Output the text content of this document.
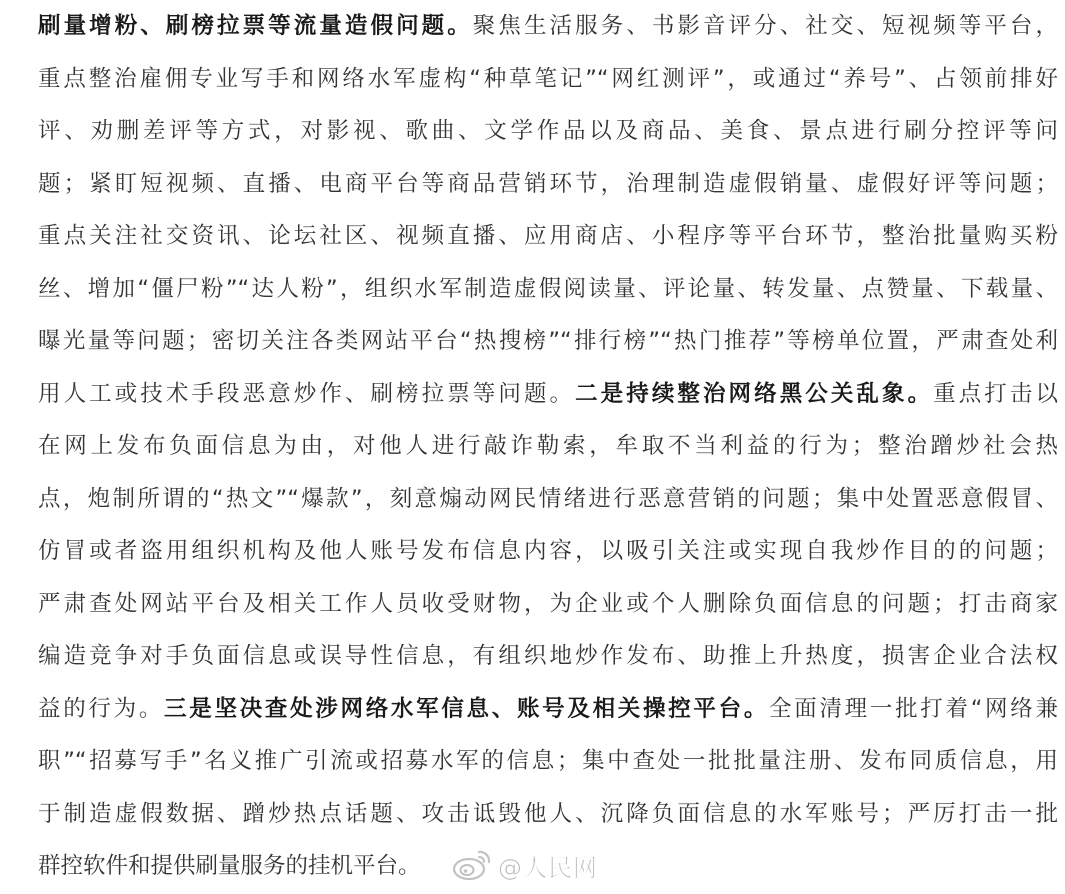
刷量增粉、刷榜拉票等流量造假问题。聚焦生活服务、书影音评分、社交、短视频等平台，
重点整治雇佣专业写手和网络水军虚构“种草笔记”“网红测评”，或通过“养号”、占领前排好
评、劝删差评等方式，对影视、歌曲、文学作品以及商品、美食、景点进行刷分控评等问
题；紧盯短视频、直播、电商平台等商品营销环节，治理制造虚假销量、虚假好评等问题；
重点关注社交资讯、论坛社区、视频直播、应用商店、小程序等平台环节，整治批量购买粉
丝、增加“僵尸粉”“达人粉”，组织水军制造虚假阅读量、评论量、转发量、点赞量、下载量、
曝光量等问题；密切关注各类网站平台“热搜榜”“排行榜”“热门推荐”等榜单位置，严肃查处利
用人工或技术手段恶意炒作、刷榜拉票等问题。二是持续整治网络黑公关乱象。重点打击以
在网上发布负面信息为由，对他人进行敲诈勒索，牟取不当利益的行为；整治蹭炒社会热
点，炮制所谓的“热文”“爆款”，刻意煽动网民情绪进行恶意营销的问题；集中处置恶意假冒、
仿冒或者盗用组织机构及他人账号发布信息内容，以吸引关注或实现自我炒作目的的问题；
严肃查处网站平台及相关工作人员收受财物，为企业或个人删除负面信息的问题；打击商家
编造竞争对手负面信息或误导性信息，有组织地炒作发布、助推上升热度，损害企业合法权
益的行为。三是坚决查处涉网络水军信息、账号及相关操控平台。全面清理一批打着“网络兼
职”“招募写手”名义推广引流或招募水军的信息；集中查处一批批量注册、发布同质信息，用
于制造虚假数据、蹭炒热点话题、攻击诋毁他人、沉降负面信息的水军账号；严厉打击一批
群控软件和提供刷量服务的挂机平台。	@人民网
